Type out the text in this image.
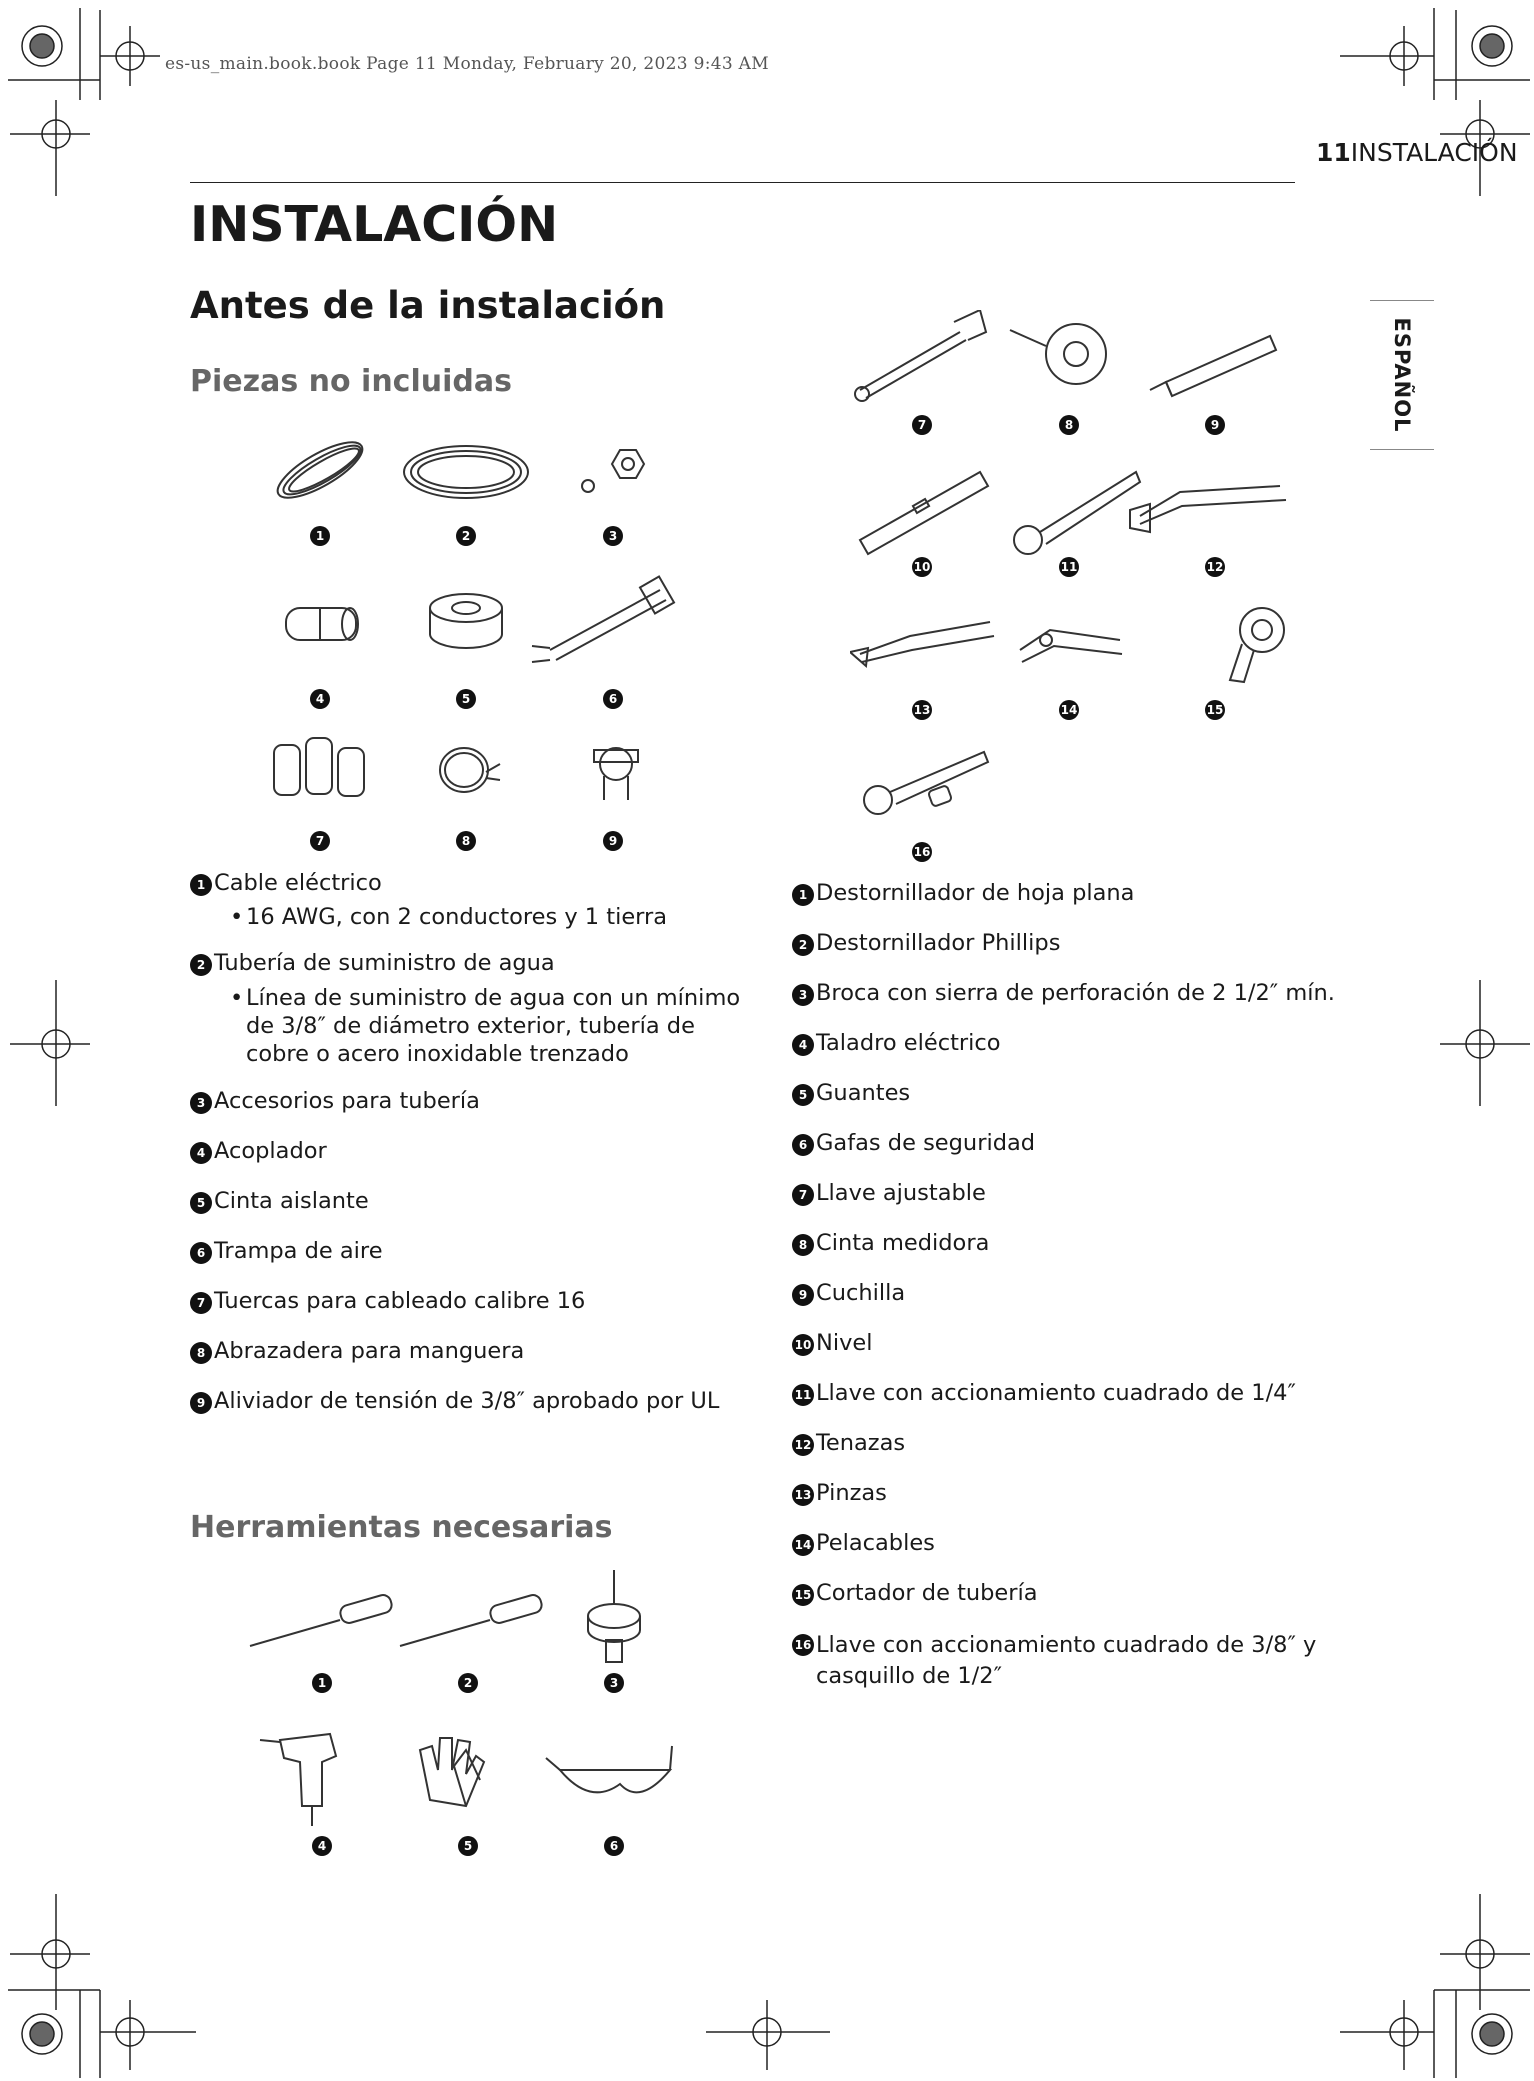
es-us_main.book.book Page 11 Monday, February 20, 2023 9:43 AM
11INSTALACIÓN
ESPAÑOL
INSTALACIÓN
Antes de la instalación
Piezas no incluidas
1	2	3
4	5	6
7	8	9
1 Cable eléctrico
• 16 AWG, con 2 conductores y 1 tierra
2 Tubería de suministro de agua
• Línea de suministro de agua con un mínimo de 3/8″ de diámetro exterior, tubería de cobre o acero inoxidable trenzado
3 Accesorios para tubería
4 Acoplador
5 Cinta aislante
6 Trampa de aire
7 Tuercas para cableado calibre 16
8 Abrazadera para manguera
9 Aliviador de tensión de 3/8″ aprobado por UL
Herramientas necesarias
1	2	3
4	5	6
7	8	9
10	11	12
13	14	15
16
1 Destornillador de hoja plana
2 Destornillador Phillips
3 Broca con sierra de perforación de 2 1/2″ mín.
4 Taladro eléctrico
5 Guantes
6 Gafas de seguridad
7 Llave ajustable
8 Cinta medidora
9 Cuchilla
10 Nivel
11 Llave con accionamiento cuadrado de 1/4″
12 Tenazas
13 Pinzas
14 Pelacables
15 Cortador de tubería
16 Llave con accionamiento cuadrado de 3/8″ y casquillo de 1/2″
